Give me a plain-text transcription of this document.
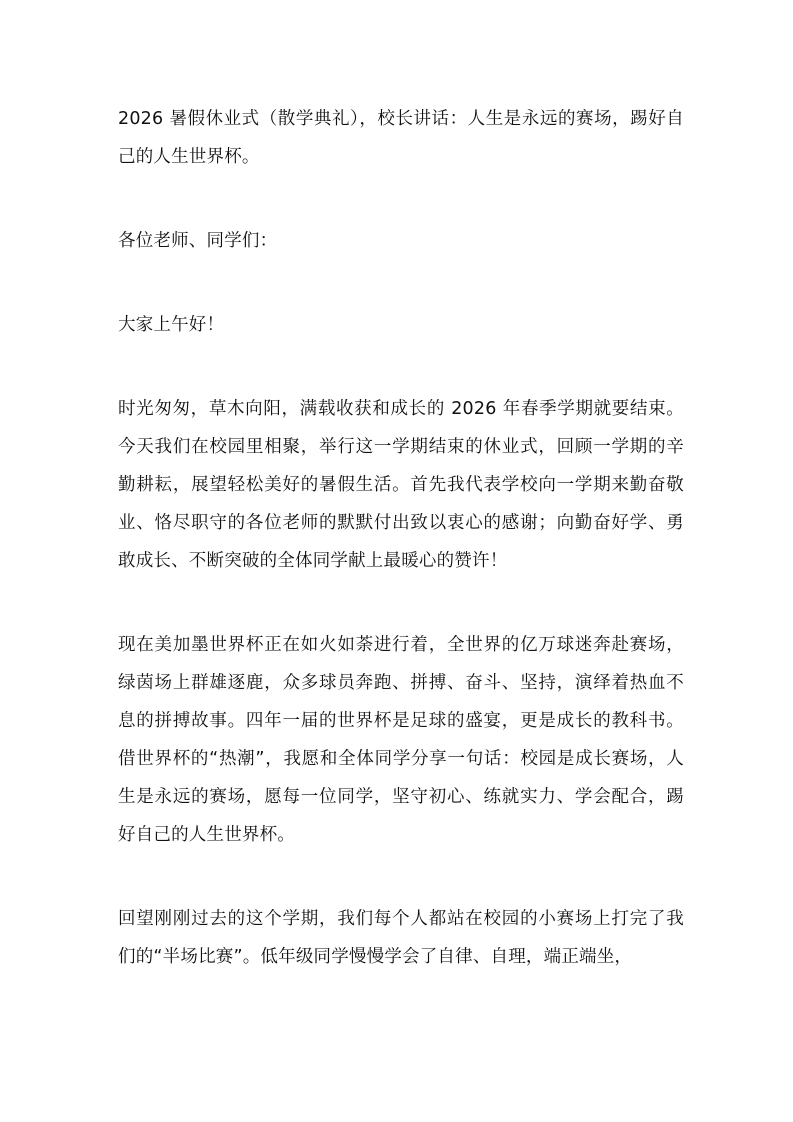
2026 暑假休业式（散学典礼），校长讲话：人生是永远的赛场，踢好自己的人生世界杯。

各位老师、同学们：

大家上午好！

时光匆匆，草木向阳，满载收获和成长的 2026 年春季学期就要结束。今天我们在校园里相聚，举行这一学期结束的休业式，回顾一学期的辛勤耕耘，展望轻松美好的暑假生活。首先我代表学校向一学期来勤奋敬业、恪尽职守的各位老师的默默付出致以衷心的感谢；向勤奋好学、勇敢成长、不断突破的全体同学献上最暖心的赞许！

现在美加墨世界杯正在如火如荼进行着，全世界的亿万球迷奔赴赛场，绿茵场上群雄逐鹿，众多球员奔跑、拼搏、奋斗、坚持，演绎着热血不息的拼搏故事。四年一届的世界杯是足球的盛宴，更是成长的教科书。借世界杯的“热潮”，我愿和全体同学分享一句话：校园是成长赛场，人生是永远的赛场，愿每一位同学，坚守初心、练就实力、学会配合，踢好自己的人生世界杯。

回望刚刚过去的这个学期，我们每个人都站在校园的小赛场上打完了我们的“半场比赛”。低年级同学慢慢学会了自律、自理，端正端坐，
